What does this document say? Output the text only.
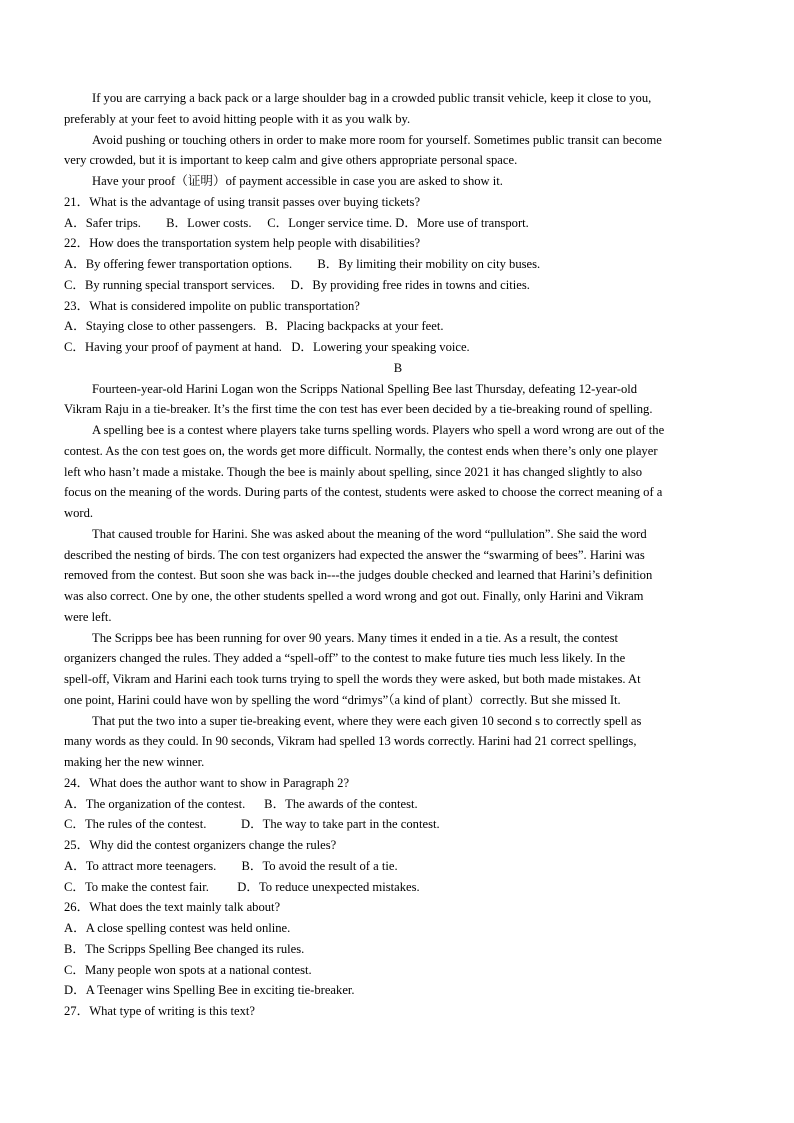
If you are carrying a back pack or a large shoulder bag in a crowded public transit vehicle, keep it close to you,
preferably at your feet to avoid hitting people with it as you walk by.
Avoid pushing or touching others in order to make more room for yourself. Sometimes public transit can become
very crowded, but it is important to keep calm and give others appropriate personal space.
Have your proof（证明）of payment accessible in case you are asked to show it.
21．What is the advantage of using transit passes over buying tickets?
A．Safer trips.        B．Lower costs.     C．Longer service time. D．More use of transport.
22．How does the transportation system help people with disabilities?
A．By offering fewer transportation options.        B．By limiting their mobility on city buses.
C．By running special transport services.     D．By providing free rides in towns and cities.
23．What is considered impolite on public transportation?
A．Staying close to other passengers.   B．Placing backpacks at your feet.
C．Having your proof of payment at hand.   D．Lowering your speaking voice.
B
Fourteen-year-old Harini Logan won the Scripps National Spelling Bee last Thursday, defeating 12-year-old
Vikram Raju in a tie-breaker. It’s the first time the con test has ever been decided by a tie-breaking round of spelling.
A spelling bee is a contest where players take turns spelling words. Players who spell a word wrong are out of the
contest. As the con test goes on, the words get more difficult. Normally, the contest ends when there’s only one player
left who hasn’t made a mistake. Though the bee is mainly about spelling, since 2021 it has changed slightly to also
focus on the meaning of the words. During parts of the contest, students were asked to choose the correct meaning of a
word.
That caused trouble for Harini. She was asked about the meaning of the word “pullulation”. She said the word
described the nesting of birds. The con test organizers had expected the answer the “swarming of bees”. Harini was
removed from the contest. But soon she was back in---the judges double checked and learned that Harini’s definition
was also correct. One by one, the other students spelled a word wrong and got out. Finally, only Harini and Vikram
were left.
The Scripps bee has been running for over 90 years. Many times it ended in a tie. As a result, the contest
organizers changed the rules. They added a “spell-off” to the contest to make future ties much less likely. In the
spell-off, Vikram and Harini each took turns trying to spell the words they were asked, but both made mistakes. At
one point, Harini could have won by spelling the word “drimys”（a kind of plant）correctly. But she missed It.
That put the two into a super tie-breaking event, where they were each given 10 second s to correctly spell as
many words as they could. In 90 seconds, Vikram had spelled 13 words correctly. Harini had 21 correct spellings,
making her the new winner.
24．What does the author want to show in Paragraph 2?
A．The organization of the contest.      B．The awards of the contest.
C．The rules of the contest.           D．The way to take part in the contest.
25．Why did the contest organizers change the rules?
A．To attract more teenagers.        B．To avoid the result of a tie.
C．To make the contest fair.         D．To reduce unexpected mistakes.
26．What does the text mainly talk about?
A．A close spelling contest was held online.
B．The Scripps Spelling Bee changed its rules.
C．Many people won spots at a national contest.
D．A Teenager wins Spelling Bee in exciting tie-breaker.
27．What type of writing is this text?
